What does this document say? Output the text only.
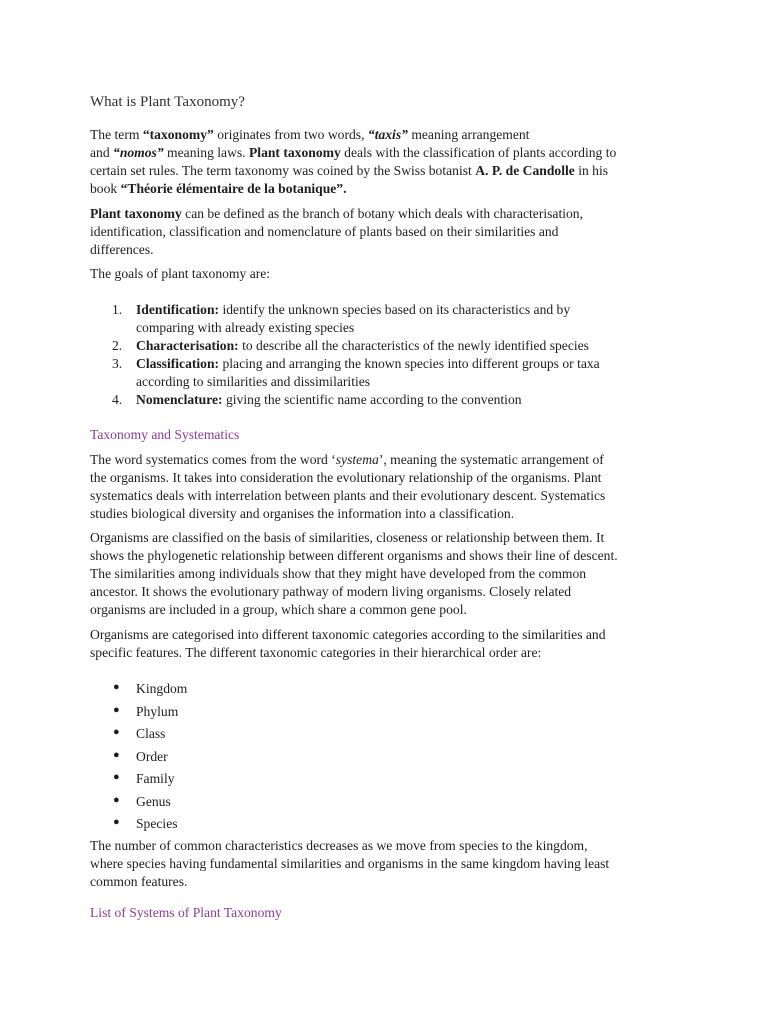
What is Plant Taxonomy?
The term “taxonomy” originates from two words, “taxis” meaning arrangement
and “nomos” meaning laws. Plant taxonomy deals with the classification of plants according to
certain set rules. The term taxonomy was coined by the Swiss botanist A. P. de Candolle in his
book “Théorie élémentaire de la botanique”.
Plant taxonomy can be defined as the branch of botany which deals with characterisation,
identification, classification and nomenclature of plants based on their similarities and
differences.
The goals of plant taxonomy are:
1.	Identification: identify the unknown species based on its characteristics and by
comparing with already existing species
2.	Characterisation: to describe all the characteristics of the newly identified species
3.	Classification: placing and arranging the known species into different groups or taxa
according to similarities and dissimilarities
4.	Nomenclature: giving the scientific name according to the convention
Taxonomy and Systematics
The word systematics comes from the word ‘systema’, meaning the systematic arrangement of
the organisms. It takes into consideration the evolutionary relationship of the organisms. Plant
systematics deals with interrelation between plants and their evolutionary descent. Systematics
studies biological diversity and organises the information into a classification.
Organisms are classified on the basis of similarities, closeness or relationship between them. It
shows the phylogenetic relationship between different organisms and shows their line of descent.
The similarities among individuals show that they might have developed from the common
ancestor. It shows the evolutionary pathway of modern living organisms. Closely related
organisms are included in a group, which share a common gene pool.
Organisms are categorised into different taxonomic categories according to the similarities and
specific features. The different taxonomic categories in their hierarchical order are:
● Kingdom
● Phylum
● Class
● Order
● Family
● Genus
● Species
The number of common characteristics decreases as we move from species to the kingdom,
where species having fundamental similarities and organisms in the same kingdom having least
common features.
List of Systems of Plant Taxonomy
